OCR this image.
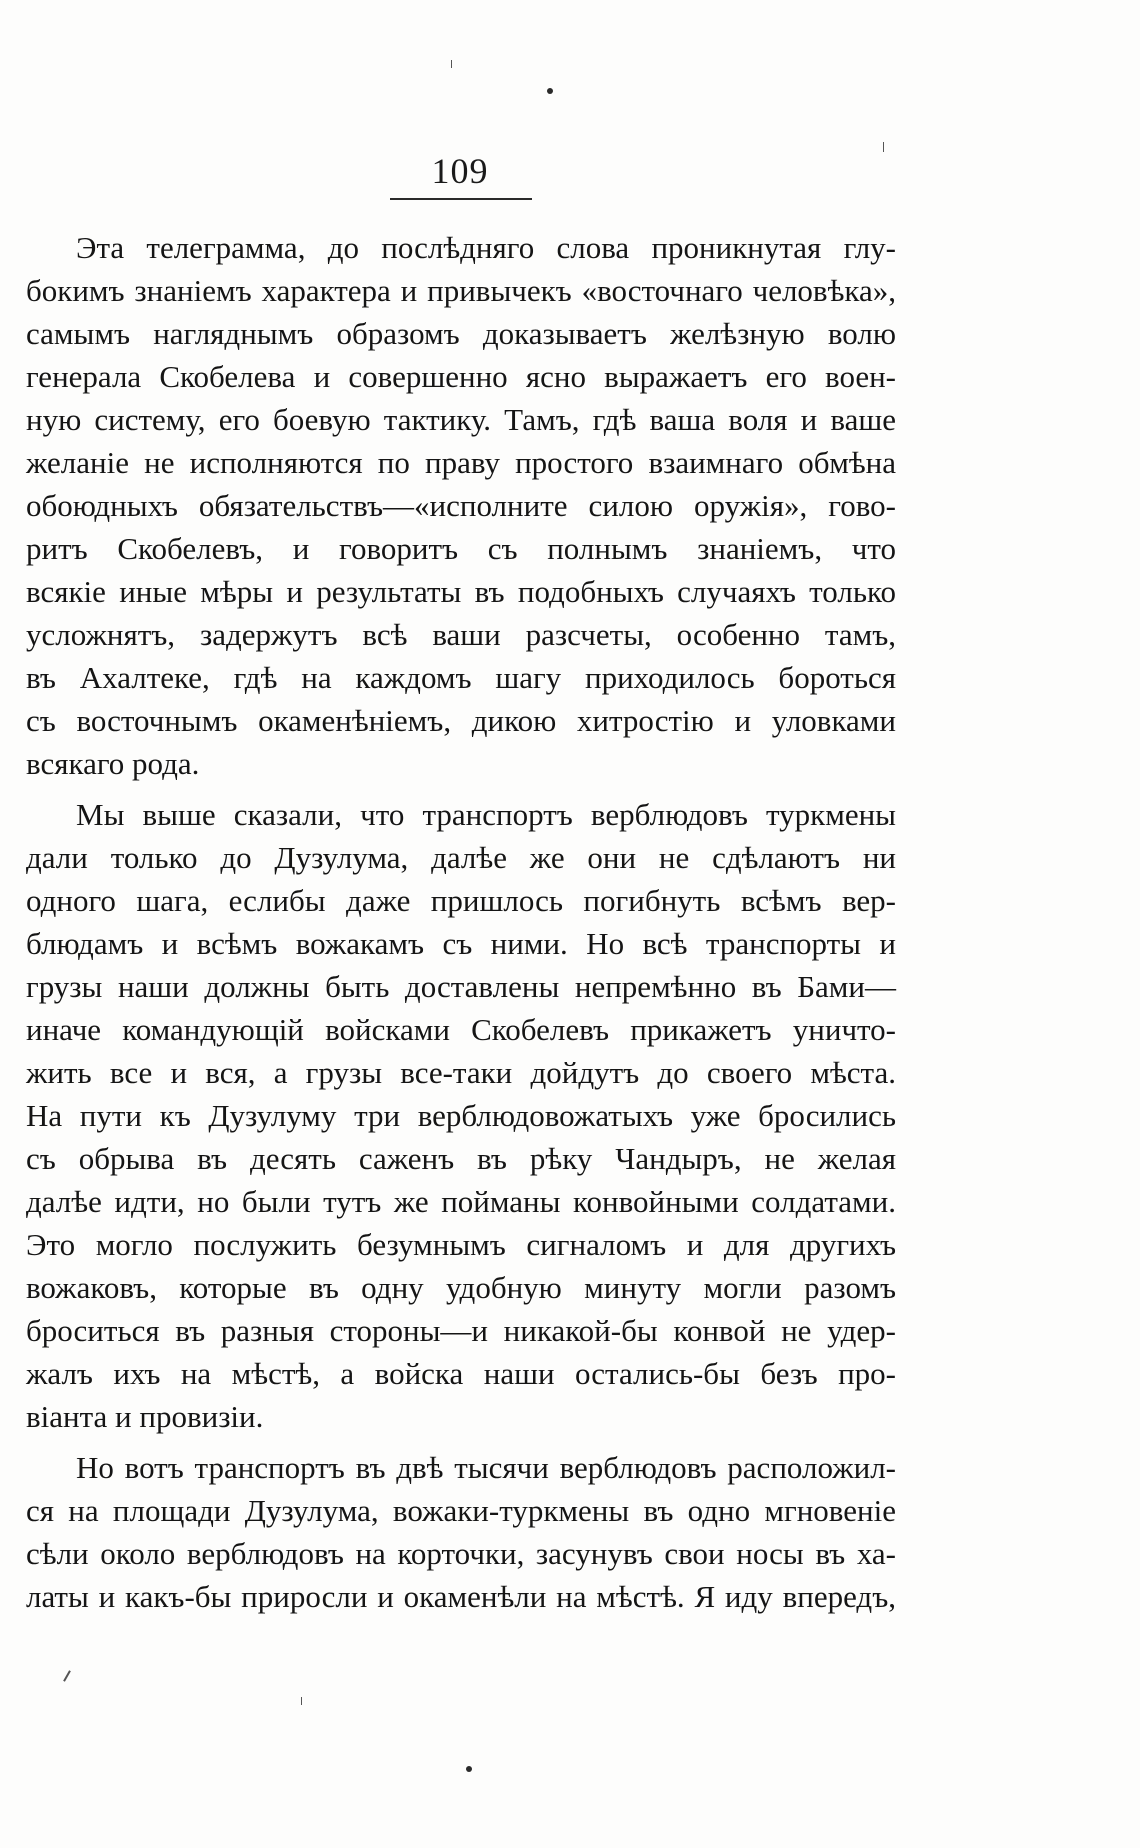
109
Эта телеграмма, до послѣдняго слова проникнутая глу-
бокимъ знаніемъ характера и привычекъ «восточнаго человѣка»,
самымъ нагляднымъ образомъ доказываетъ желѣзную волю
генерала Скобелева и совершенно ясно выражаетъ его воен-
ную систему, его боевую тактику. Тамъ, гдѣ ваша воля и ваше
желаніе не исполняются по праву простого взаимнаго обмѣна
обоюдныхъ обязательствъ—«исполните силою оружія», гово-
ритъ Скобелевъ, и говоритъ съ полнымъ знаніемъ, что
всякіе иные мѣры и результаты въ подобныхъ случаяхъ только
усложнятъ, задержутъ всѣ ваши разсчеты, особенно тамъ,
въ Ахалтеке, гдѣ на каждомъ шагу приходилось бороться
съ восточнымъ окаменѣніемъ, дикою хитростію и уловками
всякаго рода.
Мы выше сказали, что транспортъ верблюдовъ туркмены
дали только до Дузулума, далѣе же они не сдѣлаютъ ни
одного шага, еслибы даже пришлось погибнуть всѣмъ вер-
блюдамъ и всѣмъ вожакамъ съ ними. Но всѣ транспорты и
грузы наши должны быть доставлены непремѣнно въ Бами—
иначе командующій войсками Скобелевъ прикажетъ уничто-
жить все и вся, а грузы все-таки дойдутъ до своего мѣста.
На пути къ Дузулуму три верблюдовожатыхъ уже бросились
съ обрыва въ десять саженъ въ рѣку Чандыръ, не желая
далѣе идти, но были тутъ же пойманы конвойными солдатами.
Это могло послужить безумнымъ сигналомъ и для другихъ
вожаковъ, которые въ одну удобную минуту могли разомъ
броситься въ разныя стороны—и никакой-бы конвой не удер-
жалъ ихъ на мѣстѣ, а войска наши остались-бы безъ про-
віанта и провизіи.
Но вотъ транспортъ въ двѣ тысячи верблюдовъ расположил-
ся на площади Дузулума, вожаки-туркмены въ одно мгновеніе
сѣли около верблюдовъ на корточки, засунувъ свои носы въ ха-
латы и какъ-бы приросли и окаменѣли на мѣстѣ. Я иду впередъ,
